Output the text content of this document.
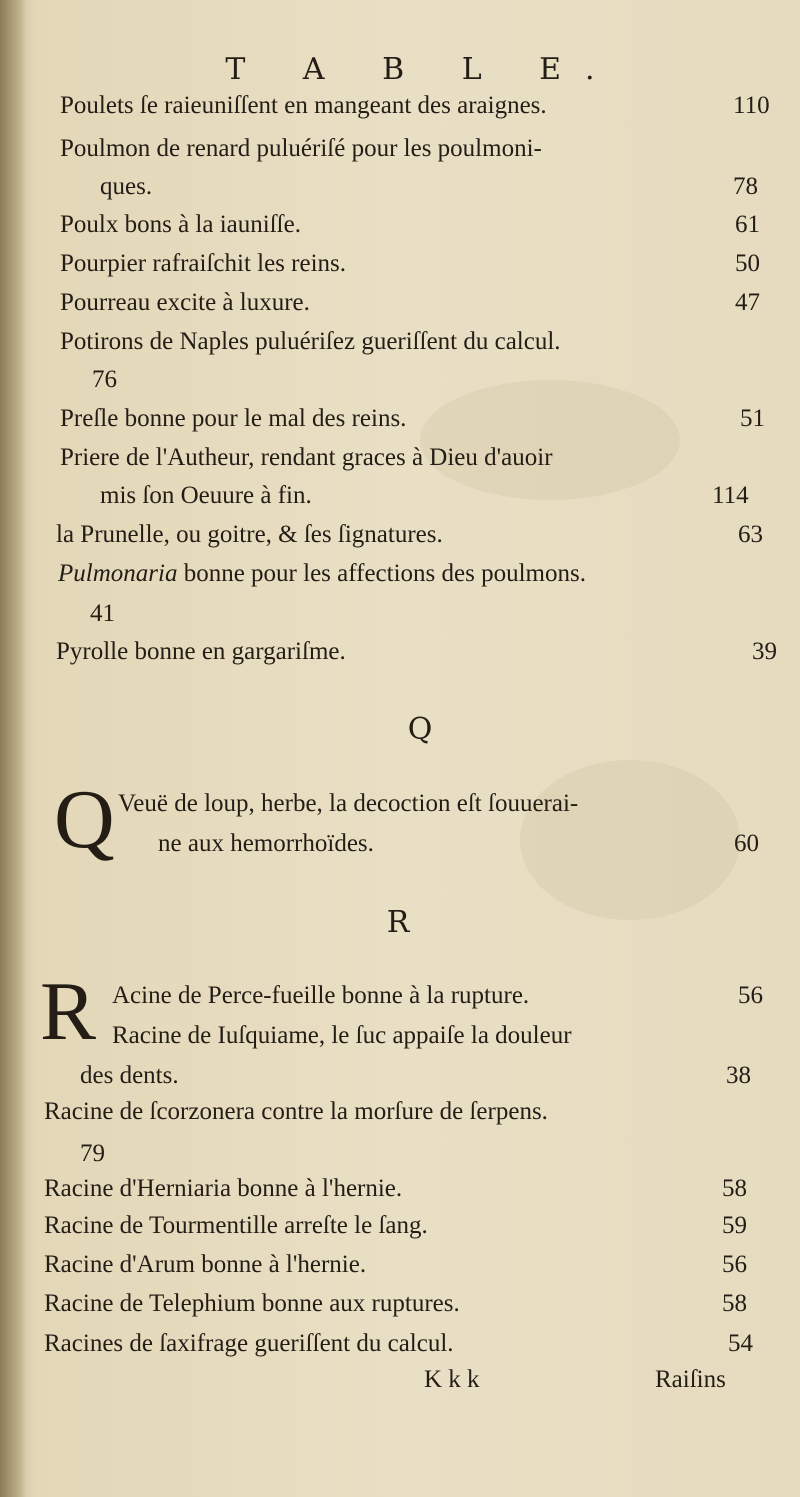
T A B L E.
Poulets ſe raieuniſſent en mangeant des araignes.	110
Poulmon de renard puluériſé pour les poulmoni-
ques.	78
Poulx bons à la iauniſſe.	61
Pourpier rafraiſchit les reins.	50
Pourreau excite à luxure.	47
Potirons de Naples puluériſez gueriſſent du calcul.
76
Preſle bonne pour le mal des reins.	51
Priere de l'Autheur, rendant graces à Dieu d'auoir
mis ſon Oeuure à fin.	114
la Prunelle, ou goitre, & ſes ſignatures.	63
Pulmonaria bonne pour les affections des poulmons.
41
Pyrolle bonne en gargariſme.	39
Q
Q Veuë de loup, herbe, la decoction eſt ſouuerai-
ne aux hemorrhoïdes.	60
R
R Acine de Perce-fueille bonne à la rupture.	56
Racine de Iuſquiame, le ſuc appaiſe la douleur
des dents.	38
Racine de ſcorzonera contre la morſure de ſerpens.
79
Racine d'Herniaria bonne à l'hernie.	58
Racine de Tourmentille arreſte le ſang.	59
Racine d'Arum bonne à l'hernie.	56
Racine de Telephium bonne aux ruptures.	58
Racines de ſaxifrage gueriſſent du calcul.	54
K k k	Raiſins
